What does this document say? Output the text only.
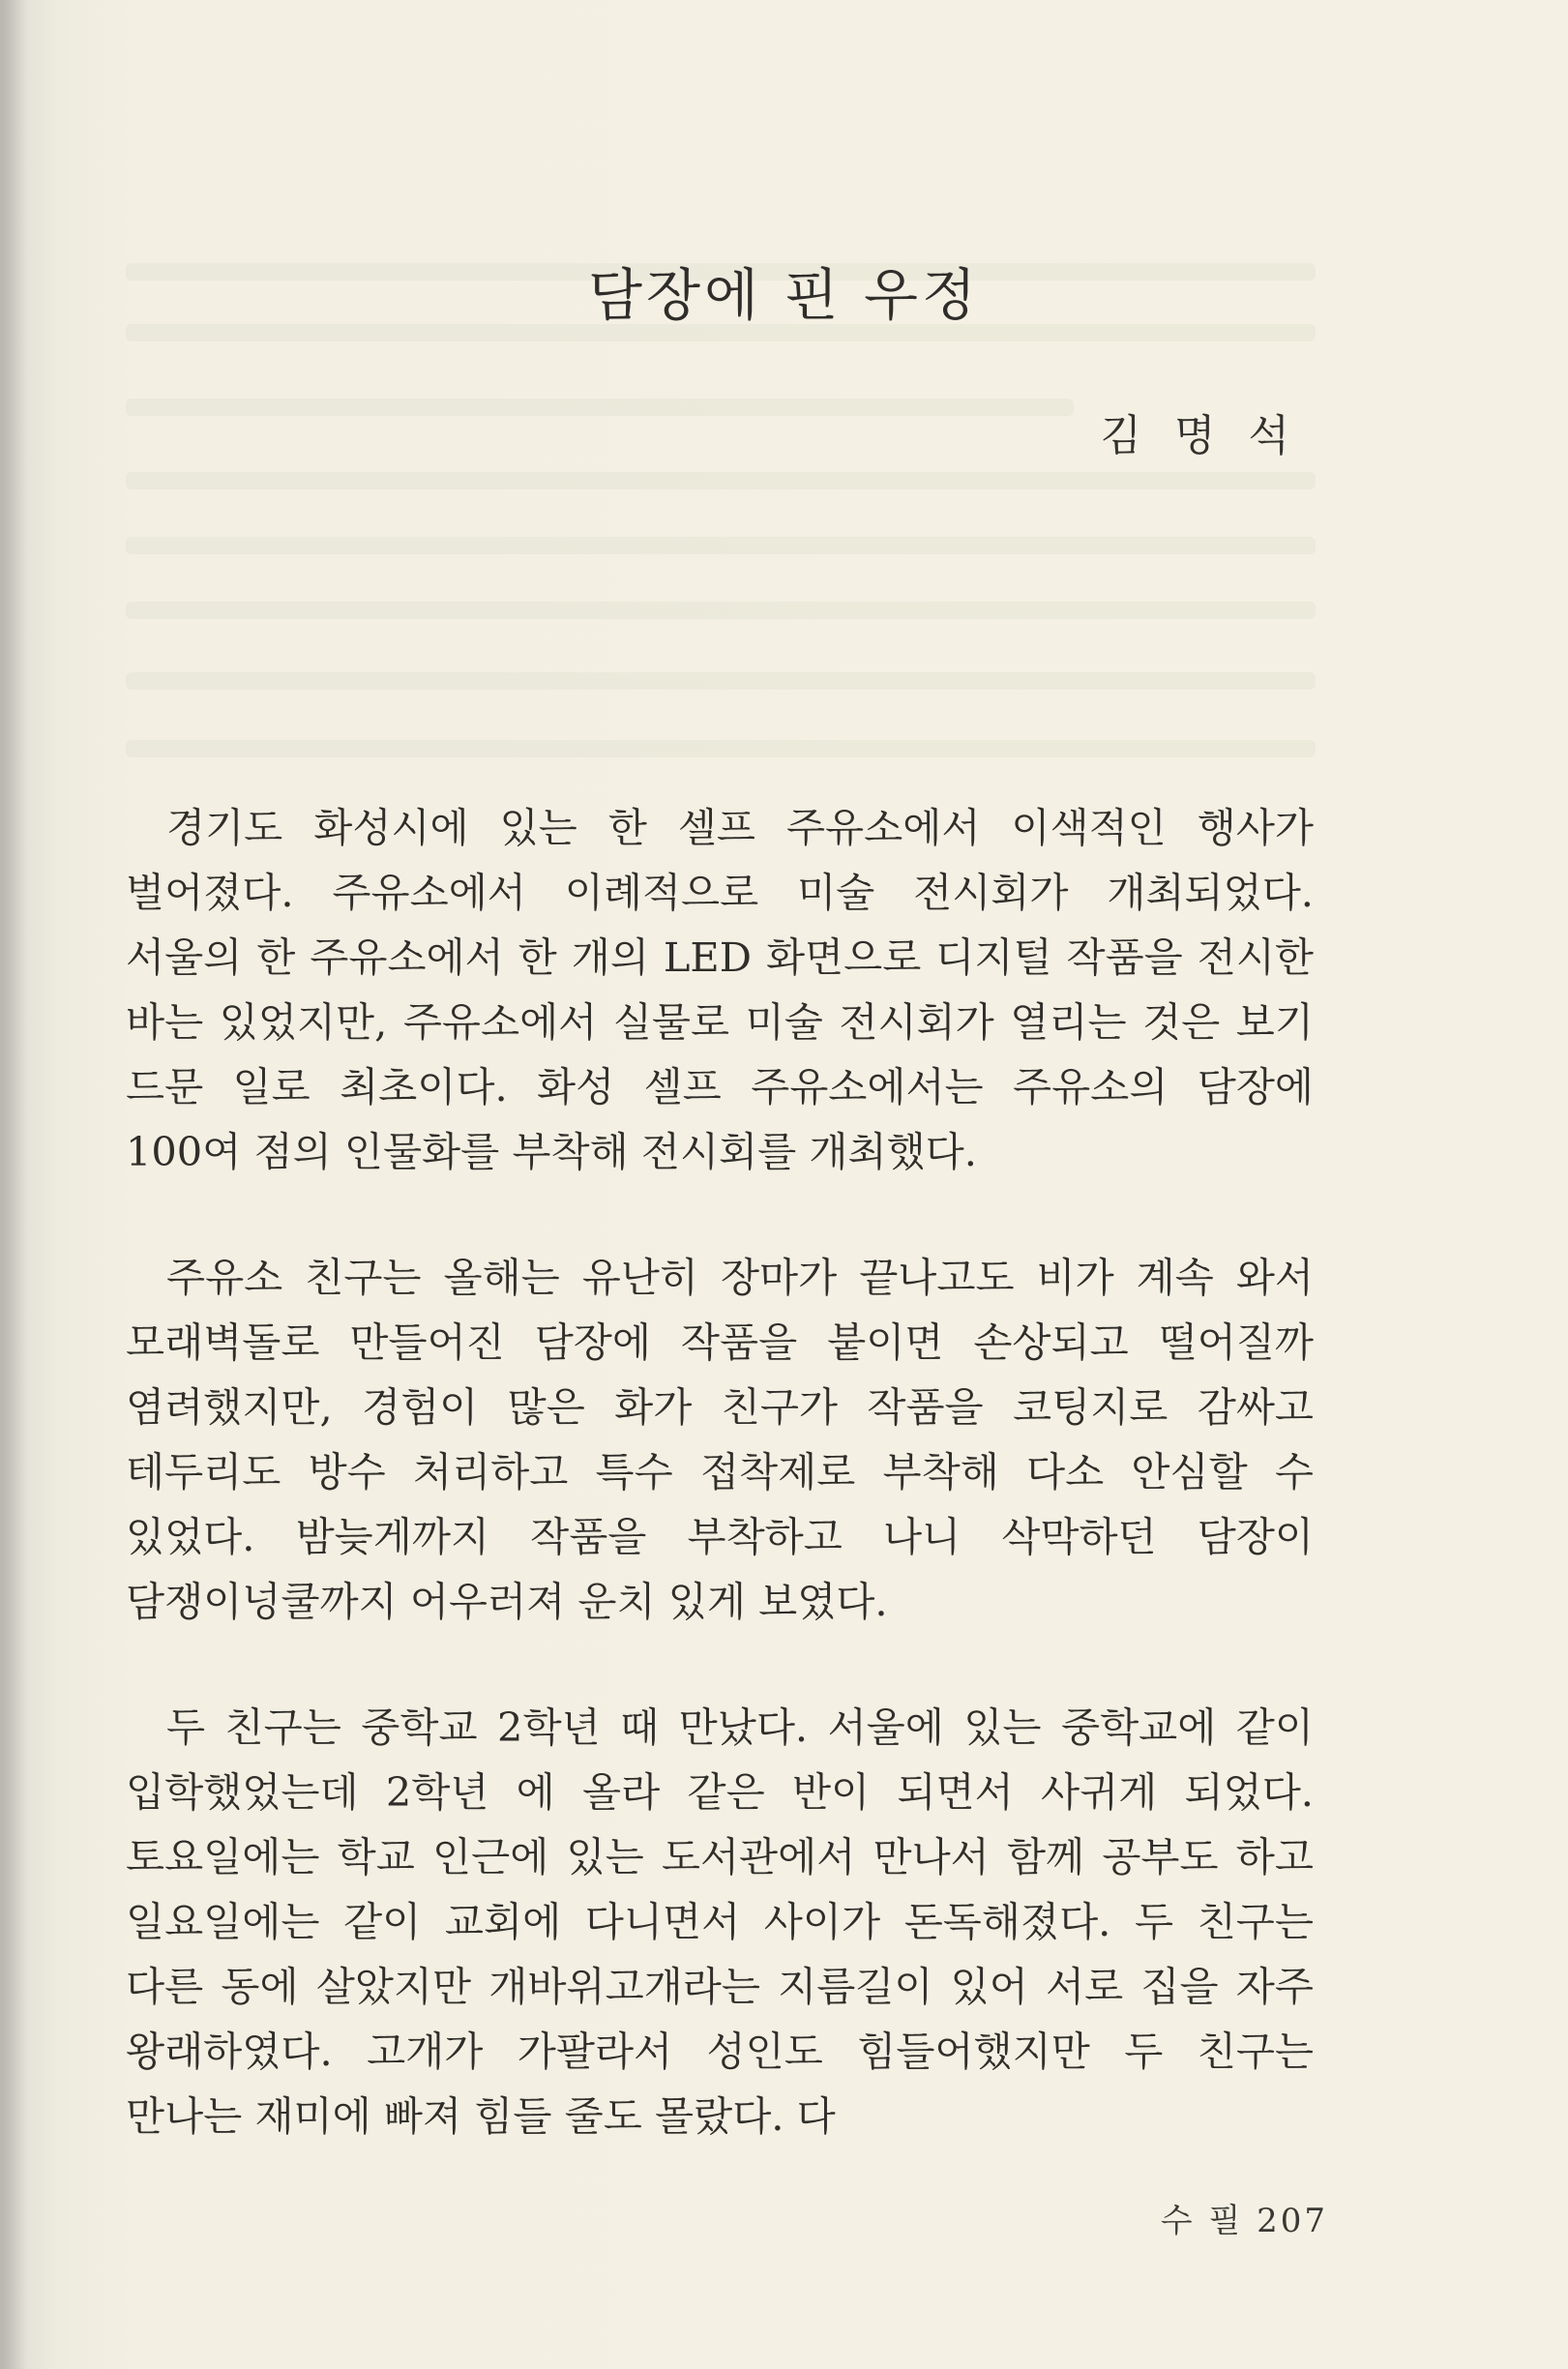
담장에 핀 우정
김 명 석

경기도 화성시에 있는 한 셀프 주유소에서 이색적인 행사가 벌어졌다. 주유소에서 이례적으로 미술 전시회가 개최되었다. 서울의 한 주유소에서 한 개의 LED 화면으로 디지털 작품을 전시한 바는 있었지만, 주유소에서 실물로 미술 전시회가 열리는 것은 보기 드문 일로 최초이다. 화성 셀프 주유소에서는 주유소의 담장에 100여 점의 인물화를 부착해 전시회를 개최했다.

주유소 친구는 올해는 유난히 장마가 끝나고도 비가 계속 와서 모래벽돌로 만들어진 담장에 작품을 붙이면 손상되고 떨어질까 염려했지만, 경험이 많은 화가 친구가 작품을 코팅지로 감싸고 테두리도 방수 처리하고 특수 접착제로 부착해 다소 안심할 수 있었다. 밤늦게까지 작품을 부착하고 나니 삭막하던 담장이 담쟁이넝쿨까지 어우러져 운치 있게 보였다.

두 친구는 중학교 2학년 때 만났다. 서울에 있는 중학교에 같이 입학했었는데 2학년 에 올라 같은 반이 되면서 사귀게 되었다. 토요일에는 학교 인근에 있는 도서관에서 만나서 함께 공부도 하고 일요일에는 같이 교회에 다니면서 사이가 돈독해졌다. 두 친구는 다른 동에 살았지만 개바위고개라는 지름길이 있어 서로 집을 자주 왕래하였다. 고개가 가팔라서 성인도 힘들어했지만 두 친구는 만나는 재미에 빠져 힘들 줄도 몰랐다. 다

수 필 207
